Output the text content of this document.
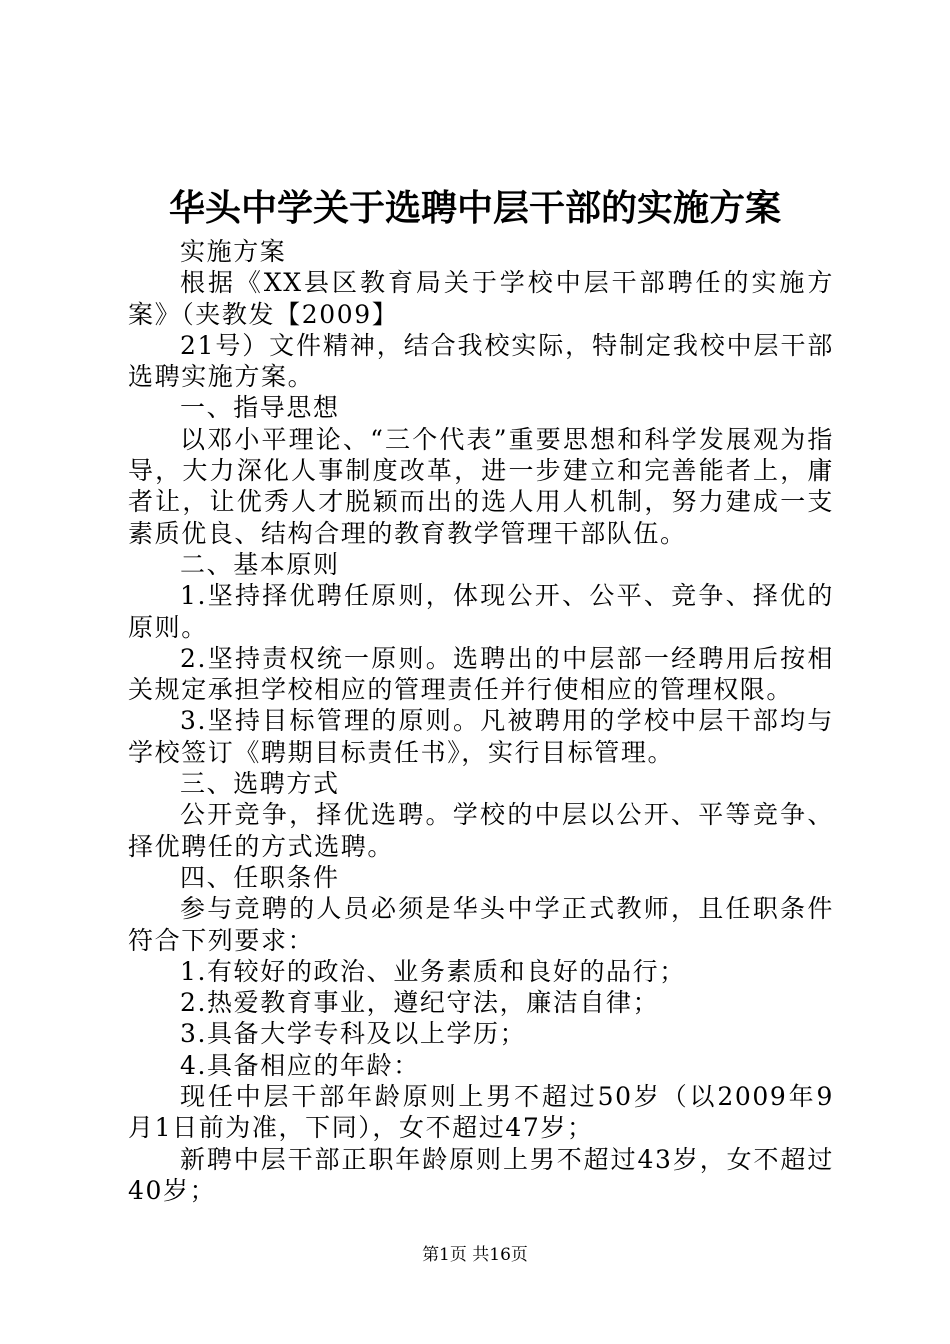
华头中学关于选聘中层干部的实施方案

实施方案

根据《XX县区教育局关于学校中层干部聘任的实施方案》（夹教发【2009】

21号）文件精神，结合我校实际，特制定我校中层干部选聘实施方案。

一、指导思想

以邓小平理论、“三个代表”重要思想和科学发展观为指导，大力深化人事制度改革，进一步建立和完善能者上，庸者让，让优秀人才脱颖而出的选人用人机制，努力建成一支素质优良、结构合理的教育教学管理干部队伍。

二、基本原则

1.坚持择优聘任原则，体现公开、公平、竞争、择优的原则。

2.坚持责权统一原则。选聘出的中层部一经聘用后按相关规定承担学校相应的管理责任并行使相应的管理权限。

3.坚持目标管理的原则。凡被聘用的学校中层干部均与学校签订《聘期目标责任书》，实行目标管理。

三、选聘方式

公开竞争，择优选聘。学校的中层以公开、平等竞争、择优聘任的方式选聘。

四、任职条件

参与竞聘的人员必须是华头中学正式教师，且任职条件符合下列要求：

1.有较好的政治、业务素质和良好的品行；

2.热爱教育事业，遵纪守法，廉洁自律；

3.具备大学专科及以上学历；

4.具备相应的年龄：

现任中层干部年龄原则上男不超过50岁（以2009年9月1日前为准，下同），女不超过47岁；

新聘中层干部正职年龄原则上男不超过43岁，女不超过40岁；

第1页 共16页
